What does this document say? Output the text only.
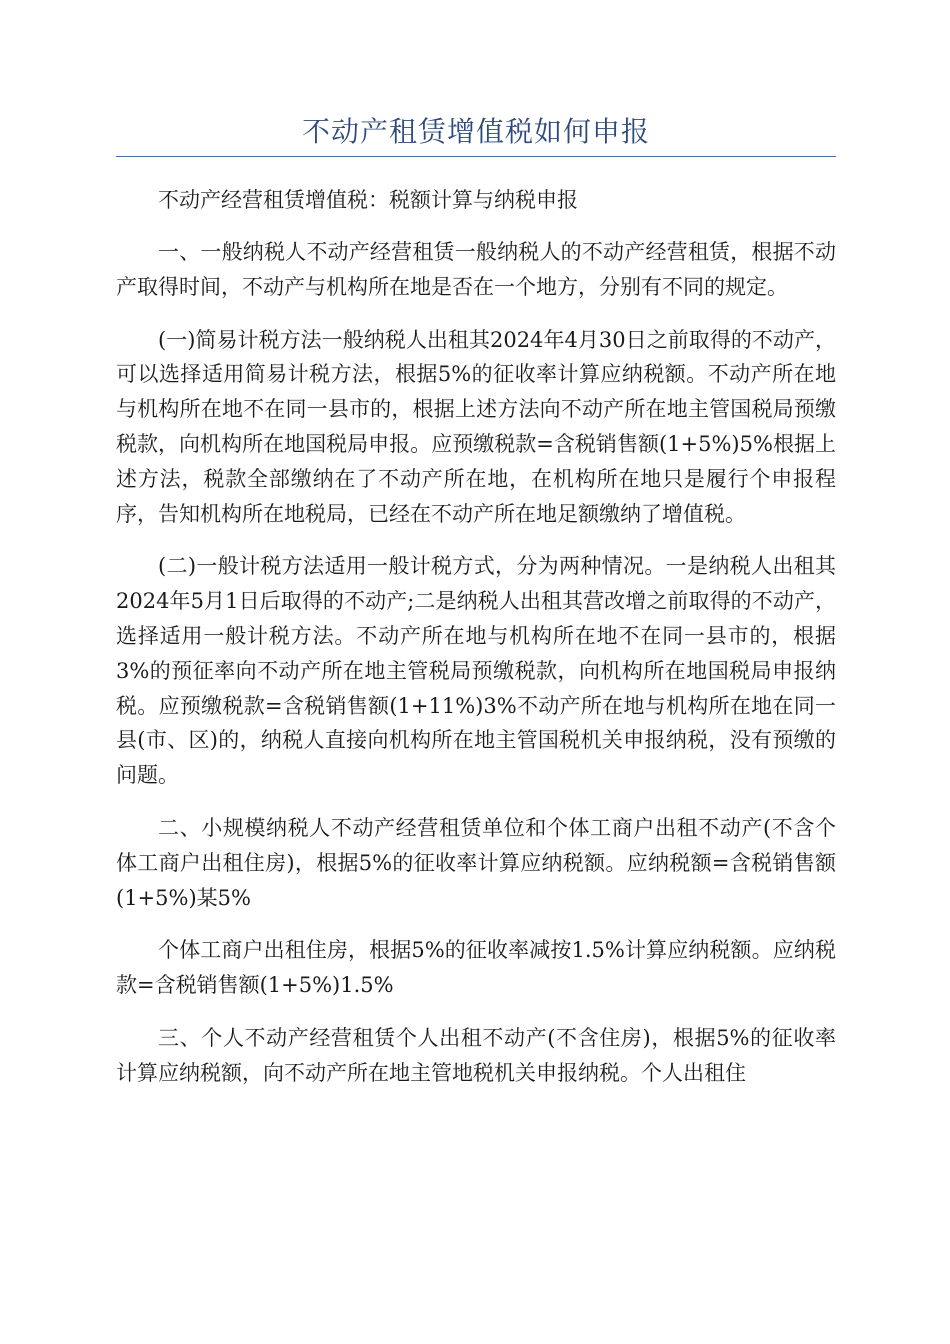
不动产租赁增值税如何申报
不动产经营租赁增值税：税额计算与纳税申报
一、一般纳税人不动产经营租赁一般纳税人的不动产经营租赁，根据不动产取得时间，不动产与机构所在地是否在一个地方，分别有不同的规定。
(一)简易计税方法一般纳税人出租其2024年4月30日之前取得的不动产，可以选择适用简易计税方法，根据5%的征收率计算应纳税额。不动产所在地与机构所在地不在同一县市的，根据上述方法向不动产所在地主管国税局预缴税款，向机构所在地国税局申报。应预缴税款=含税销售额(1+5%)5%根据上述方法，税款全部缴纳在了不动产所在地，在机构所在地只是履行个申报程序，告知机构所在地税局，已经在不动产所在地足额缴纳了增值税。
(二)一般计税方法适用一般计税方式，分为两种情况。一是纳税人出租其2024年5月1日后取得的不动产;二是纳税人出租其营改增之前取得的不动产，选择适用一般计税方法。不动产所在地与机构所在地不在同一县市的，根据3%的预征率向不动产所在地主管税局预缴税款，向机构所在地国税局申报纳税。应预缴税款=含税销售额(1+11%)3%不动产所在地与机构所在地在同一县(市、区)的，纳税人直接向机构所在地主管国税机关申报纳税，没有预缴的问题。
二、小规模纳税人不动产经营租赁单位和个体工商户出租不动产(不含个体工商户出租住房)，根据5%的征收率计算应纳税额。应纳税额=含税销售额(1+5%)某5%
个体工商户出租住房，根据5%的征收率减按1.5%计算应纳税额。应纳税款=含税销售额(1+5%)1.5%
三、个人不动产经营租赁个人出租不动产(不含住房)，根据5%的征收率计算应纳税额，向不动产所在地主管地税机关申报纳税。个人出租住
